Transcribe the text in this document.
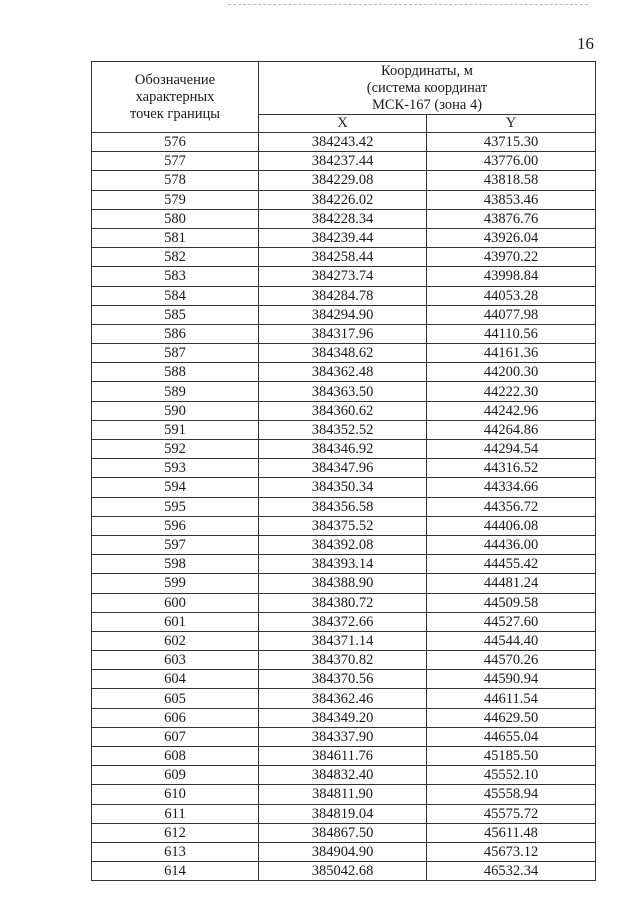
16
Обозначение
характерных
точек границы	Координаты, м
(система координат
МСК-167 (зона 4)	
	X	Y
576	384243.42	43715.30
577	384237.44	43776.00
578	384229.08	43818.58
579	384226.02	43853.46
580	384228.34	43876.76
581	384239.44	43926.04
582	384258.44	43970.22
583	384273.74	43998.84
584	384284.78	44053.28
585	384294.90	44077.98
586	384317.96	44110.56
587	384348.62	44161.36
588	384362.48	44200.30
589	384363.50	44222.30
590	384360.62	44242.96
591	384352.52	44264.86
592	384346.92	44294.54
593	384347.96	44316.52
594	384350.34	44334.66
595	384356.58	44356.72
596	384375.52	44406.08
597	384392.08	44436.00
598	384393.14	44455.42
599	384388.90	44481.24
600	384380.72	44509.58
601	384372.66	44527.60
602	384371.14	44544.40
603	384370.82	44570.26
604	384370.56	44590.94
605	384362.46	44611.54
606	384349.20	44629.50
607	384337.90	44655.04
608	384611.76	45185.50
609	384832.40	45552.10
610	384811.90	45558.94
611	384819.04	45575.72
612	384867.50	45611.48
613	384904.90	45673.12
614	385042.68	46532.34
